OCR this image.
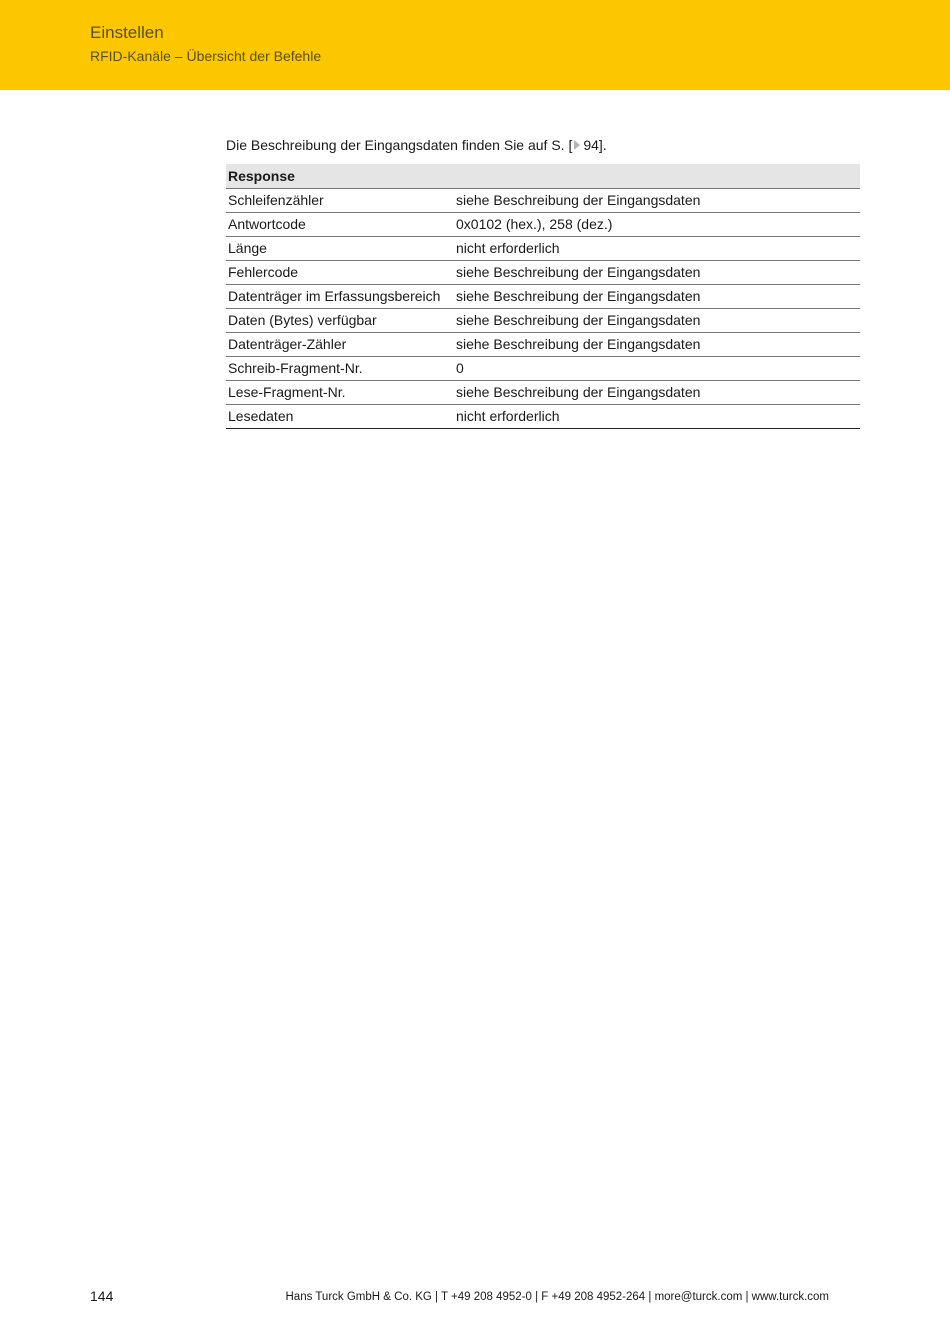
Einstellen
RFID-Kanäle – Übersicht der Befehle
Die Beschreibung der Eingangsdaten finden Sie auf S. [ 94].
Response	
Schleifenzähler	siehe Beschreibung der Eingangsdaten
Antwortcode	0x0102 (hex.), 258 (dez.)
Länge	nicht erforderlich
Fehlercode	siehe Beschreibung der Eingangsdaten
Datenträger im Erfassungsbereich	siehe Beschreibung der Eingangsdaten
Daten (Bytes) verfügbar	siehe Beschreibung der Eingangsdaten
Datenträger-Zähler	siehe Beschreibung der Eingangsdaten
Schreib-Fragment-Nr.	0
Lese-Fragment-Nr.	siehe Beschreibung der Eingangsdaten
Lesedaten	nicht erforderlich
144	Hans Turck GmbH & Co. KG | T +49 208 4952-0 | F +49 208 4952-264 | more@turck.com | www.turck.com
